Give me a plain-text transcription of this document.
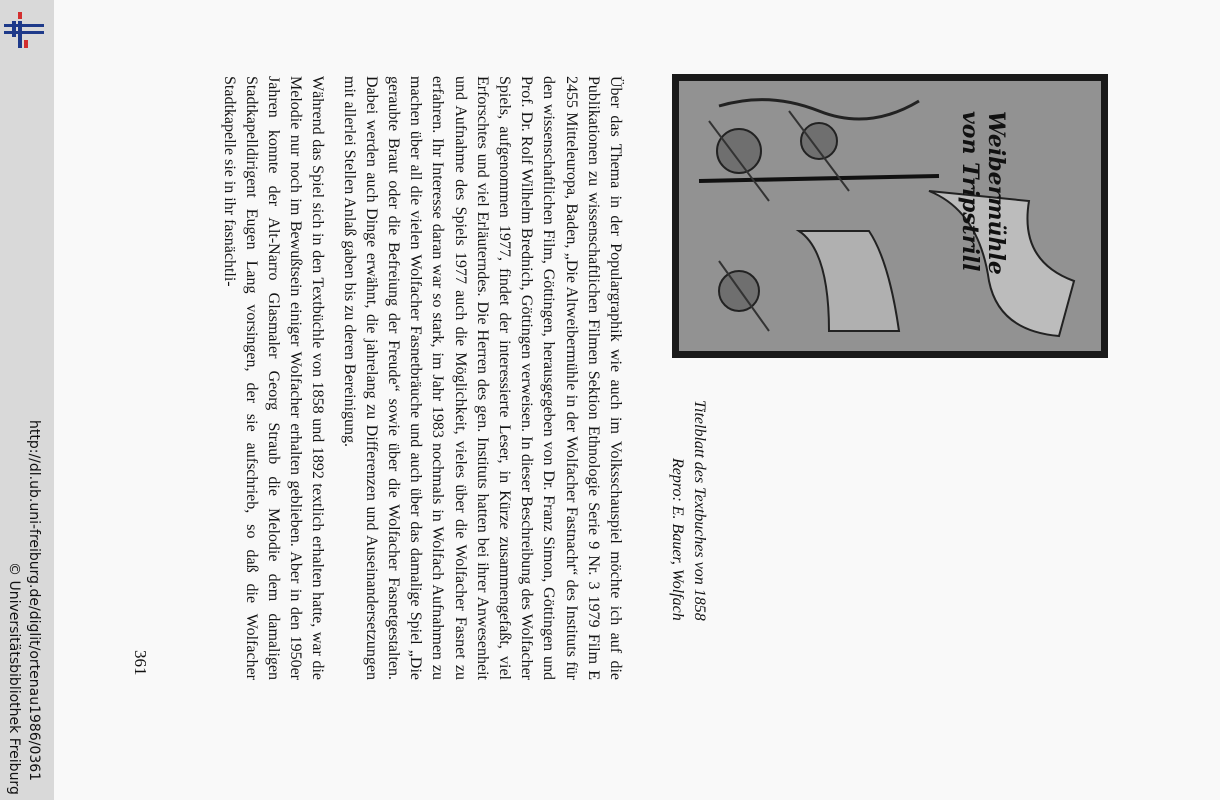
http://dl.ub.uni-freiburg.de/diglit/ortenau1986/0361
© Universitätsbibliothek Freiburg
Weibermühle von Tripstrill

Über das Thema in der Populargraphik wie auch im Volksschauspiel möchte ich auf die Publikationen zu wissenschaftlichen Filmen Sektion Ethnologie Serie 9 Nr. 3 1979 Film E 2455 Mitteleuropa, Baden, „Die Altweibermühle in der Wolfacher Fastnacht“ des Instituts für den wissenschaftlichen Film, Göttingen, herausgegeben von Dr. Franz Simon, Göttingen und Prof. Dr. Rolf Wilhelm Brednich, Göttingen verweisen. In dieser Beschreibung des Wolfacher Spiels, aufgenommen 1977, findet der interessierte Leser, in Kürze zusammengefaßt, viel Erforschtes und viel Erläuterndes. Die Herren des gen. Instituts hatten bei ihrer Anwesenheit und Aufnahme des Spiels 1977 auch die Möglichkeit, vieles über die Wolfacher Fasnet zu erfahren. Ihr Interesse daran war so stark, im Jahr 1983 nochmals in Wolfach Aufnahmen zu machen über all die vielen Wolfacher Fasnetbräuche und auch über das damalige Spiel „Die geraubte Braut oder die Befreiung der Freude“ sowie über die Wolfacher Fasnetgestalten. Dabei werden auch Dinge erwähnt, die jahrelang zu Differenzen und Auseinandersetzungen mit allerlei Stellen Anlaß gaben bis zu deren Bereinigung.

Während das Spiel sich in den Textbüchle von 1858 und 1892 textlich erhalten hatte, war die Melodie nur noch im Bewußtsein einiger Wolfacher erhalten geblieben. Aber in den 1950er Jahren konnte der Alt-Narro Glasmaler Georg Straub die Melodie dem damaligen Stadtkapelldirigent Eugen Lang vorsingen, der sie aufschrieb, so daß die Wolfacher Stadtkapelle sie in ihr fasnächtli-

Titelblatt des Textbuches von 1858
Repro: E. Bauer, Wolfach
361
